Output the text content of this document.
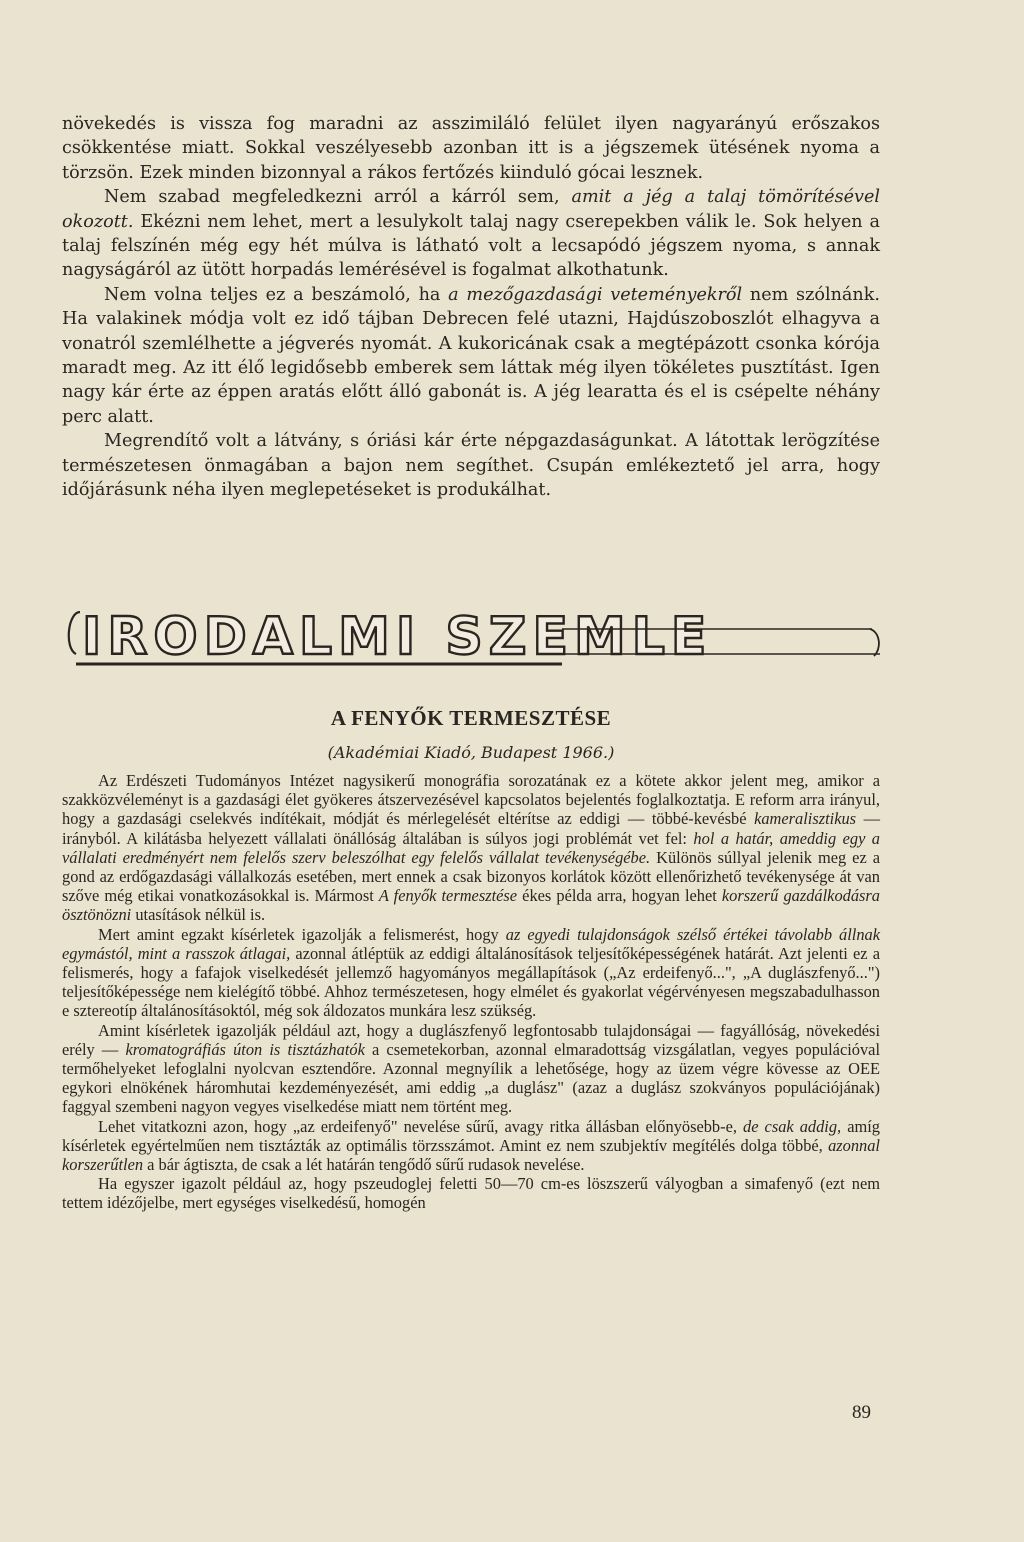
növekedés is vissza fog maradni az asszimiláló felület ilyen nagyarányú erőszakos csökkentése miatt. Sokkal veszélyesebb azonban itt is a jégszemek ütésének nyoma a törzsön. Ezek minden bizonnyal a rákos fertőzés kiinduló gócai lesznek.

Nem szabad megfeledkezni arról a kárról sem, amit a jég a talaj tömörítésével okozott. Ekézni nem lehet, mert a lesulykolt talaj nagy cserepekben válik le. Sok helyen a talaj felszínén még egy hét múlva is látható volt a lecsapódó jégszem nyoma, s annak nagyságáról az ütött horpadás lemérésével is fogalmat alkothatunk.

Nem volna teljes ez a beszámoló, ha a mezőgazdasági veteményekről nem szólnánk. Ha valakinek módja volt ez idő tájban Debrecen felé utazni, Hajdúszoboszlót elhagyva a vonatról szemlélhette a jégverés nyomát. A kukoricának csak a megtépázott csonka kórója maradt meg. Az itt élő legidősebb emberek sem láttak még ilyen tökéletes pusztítást. Igen nagy kár érte az éppen aratás előtt álló gabonát is. A jég learatta és el is csépelte néhány perc alatt.

Megrendítő volt a látvány, s óriási kár érte népgazdaságunkat. A látottak lerögzítése természetesen önmagában a bajon nem segíthet. Csupán emlékeztető jel arra, hogy időjárásunk néha ilyen meglepetéseket is produkálhat.

IRODALMI SZEMLE
A FENYŐK TERMESZTÉSE
(Akadémiai Kiadó, Budapest 1966.)

Az Erdészeti Tudományos Intézet nagysikerű monográfia sorozatának ez a kötete akkor jelent meg, amikor a szakközvéleményt is a gazdasági élet gyökeres átszervezésével kapcsolatos bejelentés foglalkoztatja. E reform arra irányul, hogy a gazdasági cselekvés indítékait, módját és mérlegelését eltérítse az eddigi — többé-kevésbé kameralisztikus — irányból. A kilátásba helyezett vállalati önállóság általában is súlyos jogi problémát vet fel: hol a határ, ameddig egy a vállalati eredményért nem felelős szerv beleszólhat egy felelős vállalat tevékenységébe. Különös súllyal jelenik meg ez a gond az erdőgazdasági vállalkozás esetében, mert ennek a csak bizonyos korlátok között ellenőrizhető tevékenysége át van szőve még etikai vonatkozásokkal is. Mármost A fenyők termesztése ékes példa arra, hogyan lehet korszerű gazdálkodásra ösztönözni utasítások nélkül is.

Mert amint egzakt kísérletek igazolják a felismerést, hogy az egyedi tulajdonságok szélső értékei távolabb állnak egymástól, mint a rasszok átlagai, azonnal átléptük az eddigi általánosítások teljesítőképességének határát. Azt jelenti ez a felismerés, hogy a fafajok viselkedését jellemző hagyományos megállapítások („Az erdeifenyő...", „A duglászfenyő...") teljesítőképessége nem kielégítő többé. Ahhoz természetesen, hogy elmélet és gyakorlat végérvényesen megszabadulhasson e sztereotíp általánosításoktól, még sok áldozatos munkára lesz szükség.

Amint kísérletek igazolják például azt, hogy a duglászfenyő legfontosabb tulajdonságai — fagyállóság, növekedési erély — kromatográfiás úton is tisztázhatók a csemetekorban, azonnal elmaradottság vizsgálatlan, vegyes populációval termőhelyeket lefoglalni nyolcvan esztendőre. Azonnal megnyílik a lehetősége, hogy az üzem végre kövesse az OEE egykori elnökének háromhutai kezdeményezését, ami eddig „a duglász" (azaz a duglász szokványos populációjának) faggyal szembeni nagyon vegyes viselkedése miatt nem történt meg.

Lehet vitatkozni azon, hogy „az erdeifenyő" nevelése sűrű, avagy ritka állásban előnyösebb-e, de csak addig, amíg kísérletek egyértelműen nem tisztázták az optimális törzsszámot. Amint ez nem szubjektív megítélés dolga többé, azonnal korszerűtlen a bár ágtiszta, de csak a lét határán tengődő sűrű rudasok nevelése.

Ha egyszer igazolt például az, hogy pszeudoglej feletti 50—70 cm-es löszszerű vályogban a simafenyő (ezt nem tettem idézőjelbe, mert egységes viselkedésű, homogén

89
